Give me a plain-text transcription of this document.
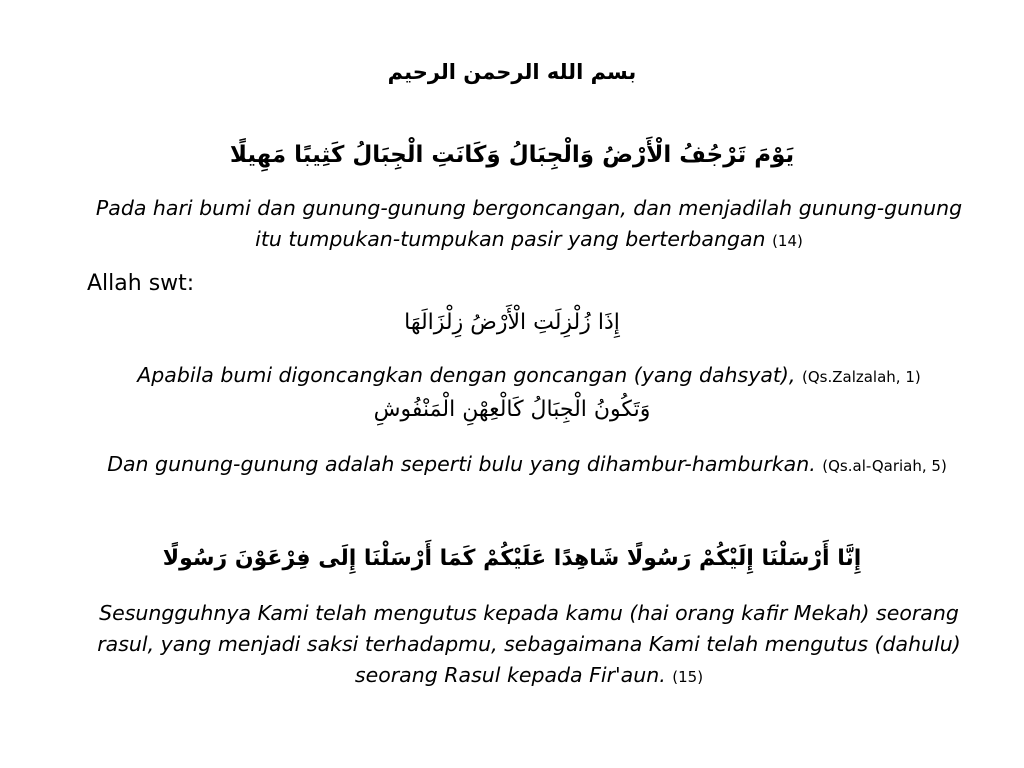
بسم الله الرحمن الرحيم
يَوْمَ تَرْجُفُ الْأَرْضُ وَالْجِبَالُ وَكَانَتِ الْجِبَالُ كَثِيبًا مَهِيلًا
Pada hari bumi dan gunung-gunung bergoncangan, dan menjadilah gunung-gunung itu tumpukan-tumpukan pasir yang berterbangan (14)
Allah swt:
إِذَا زُلْزِلَتِ الْأَرْضُ زِلْزَالَهَا
Apabila bumi digoncangkan dengan goncangan (yang dahsyat), (Qs.Zalzalah, 1)
وَتَكُونُ الْجِبَالُ كَالْعِهْنِ الْمَنْفُوشِ
Dan gunung-gunung adalah seperti bulu yang dihambur-hamburkan. (Qs.al-Qariah, 5)
إِنَّا أَرْسَلْنَا إِلَيْكُمْ رَسُولًا شَاهِدًا عَلَيْكُمْ كَمَا أَرْسَلْنَا إِلَى فِرْعَوْنَ رَسُولًا
Sesungguhnya Kami telah mengutus kepada kamu (hai orang kafir Mekah) seorang rasul, yang menjadi saksi terhadapmu, sebagaimana Kami telah mengutus (dahulu) seorang Rasul kepada Fir'aun. (15)
